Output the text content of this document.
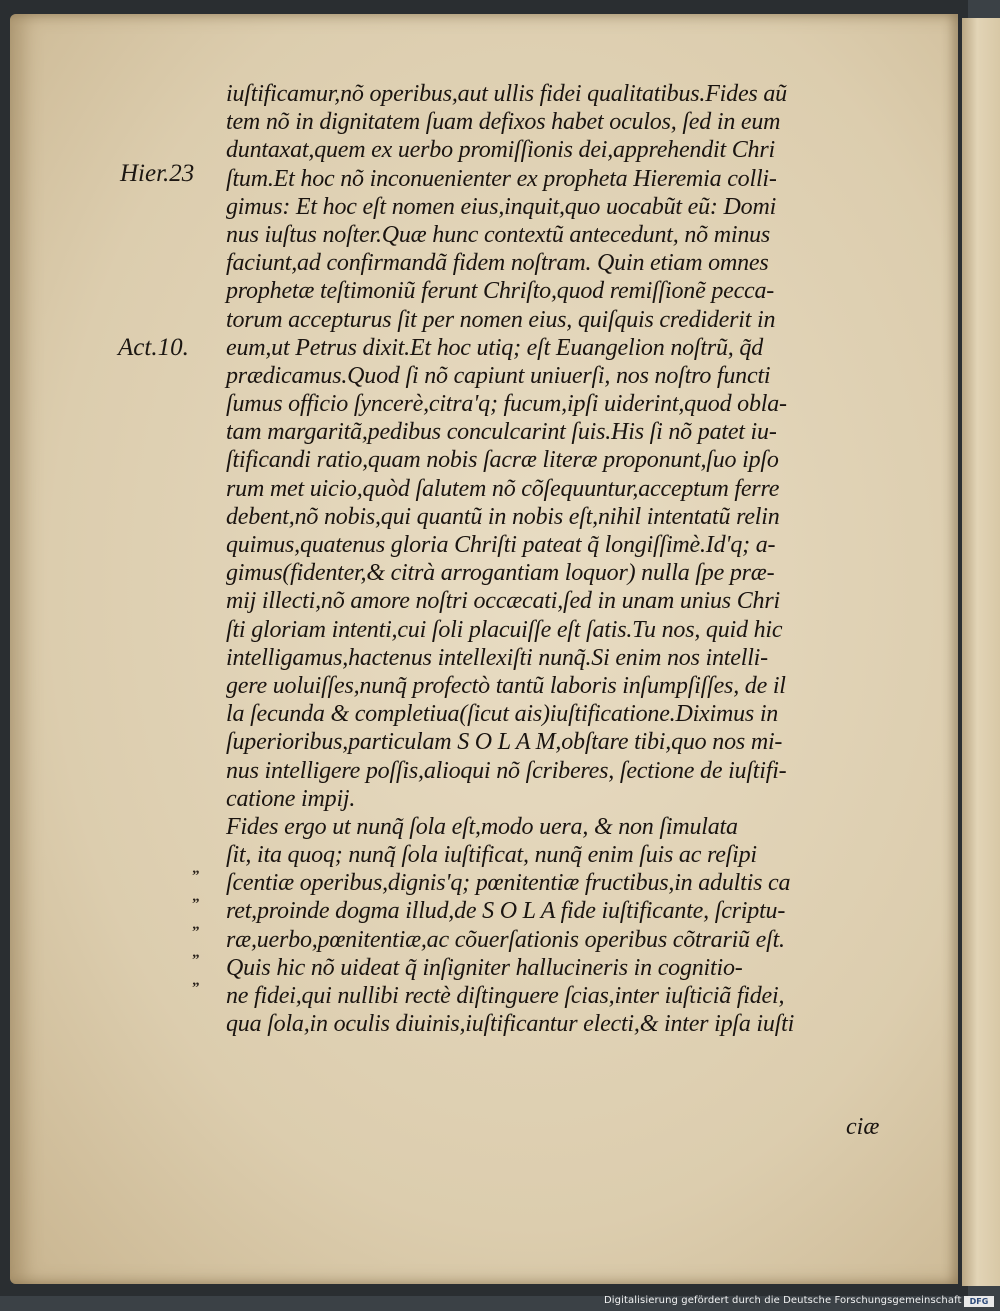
Hier.23
Act.10.
”
”
”
”
”
iuſtificamur,nõ operibus,aut ullis fidei qualitatibus.Fides aũ
tem nõ in dignitatem ſuam defixos habet oculos, ſed in eum
duntaxat,quem ex uerbo promiſſionis dei,apprehendit Chri
ſtum.Et hoc nõ inconuenienter ex propheta Hieremia colli-
gimus: Et hoc eſt nomen eius,inquit,quo uocabũt eũ: Domi
nus iuſtus noſter.Quæ hunc contextũ antecedunt, nõ minus
faciunt,ad confirmandã fidem noſtram. Quin etiam omnes
prophetæ teſtimoniũ ferunt Chriſto,quod remiſſionẽ pecca-
torum accepturus ſit per nomen eius, quiſquis crediderit in
eum,ut Petrus dixit.Et hoc utiq; eſt Euangelion noſtrũ, q̃d
prædicamus.Quod ſi nõ capiunt uniuerſi, nos noſtro functi
ſumus officio ſyncerè,citra'q; fucum,ipſi uiderint,quod obla-
tam margaritã,pedibus conculcarint ſuis.His ſi nõ patet iu-
ſtificandi ratio,quam nobis ſacræ literæ proponunt,ſuo ipſo
rum met uicio,quòd ſalutem nõ cõſequuntur,acceptum ferre
debent,nõ nobis,qui quantũ in nobis eſt,nihil intentatũ relin
quimus,quatenus gloria Chriſti pateat q̃ longiſſimè.Id'q; a-
gimus(fidenter,& citrà arrogantiam loquor) nulla ſpe præ-
mij illecti,nõ amore noſtri occæcati,ſed in unam unius Chri
ſti gloriam intenti,cui ſoli placuiſſe eſt ſatis.Tu nos, quid hic
intelligamus,hactenus intellexiſti nunq̃.Si enim nos intelli-
gere uoluiſſes,nunq̃ profectò tantũ laboris inſumpſiſſes, de il
la ſecunda & completiua(ſicut ais)iuſtificatione.Diximus in
ſuperioribus,particulam S O L A M,obſtare tibi,quo nos mi-
nus intelligere poſſis,alioqui nõ ſcriberes, ſectione de iuſtifi-
catione impij.
Fides ergo ut nunq̃ ſola eſt,modo uera, & non ſimulata
ſit, ita quoq; nunq̃ ſola iuſtificat, nunq̃ enim ſuis ac reſipi
ſcentiæ operibus,dignis'q; pœnitentiæ fructibus,in adultis ca
ret,proinde dogma illud,de S O L A fide iuſtificante, ſcriptu-
ræ,uerbo,pœnitentiæ,ac cõuerſationis operibus cõtrariũ eſt.
Quis hic nõ uideat q̃ inſigniter hallucineris in cognitio-
ne fidei,qui nullibi rectè diſtinguere ſcias,inter iuſticiã fidei,
qua ſola,in oculis diuinis,iuſtificantur electi,& inter ipſa iuſti
ciæ
Digitalisierung gefördert durch die Deutsche Forschungsgemeinschaft	DFG
